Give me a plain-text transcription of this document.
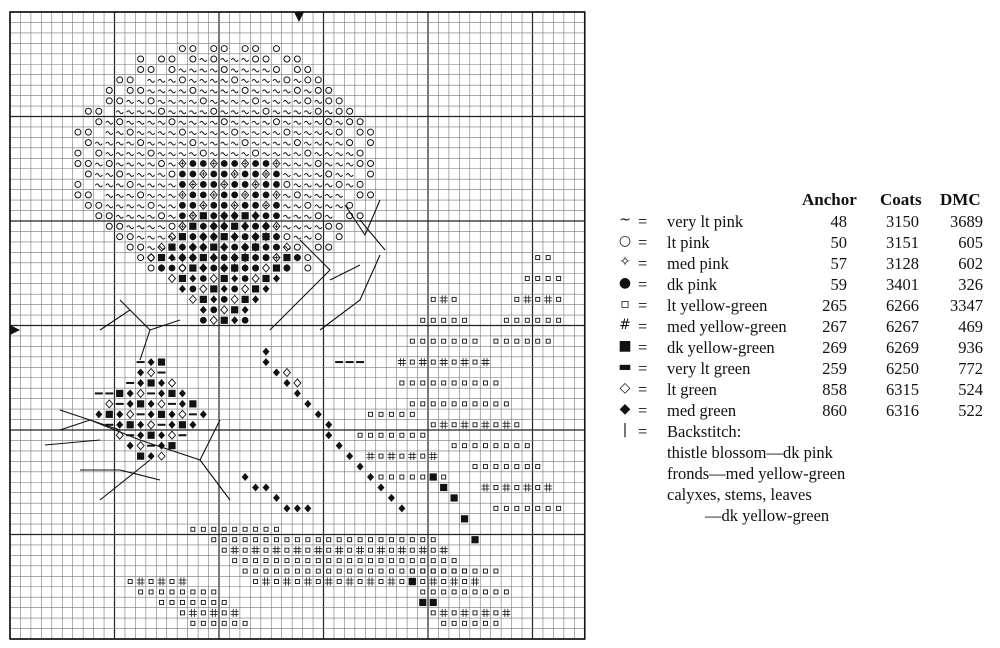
Anchor Coats DMC
~ = very lt pink	48 3150 3689
○ = lt pink	50 3151 605
✧ = med pink	57 3128 602
● = dk pink	59 3401 326
▫ = lt yellow-green	265 6266 3347
# = med yellow-green 267 6267 469
■ = dk yellow-green	269 6269 936
▬ = very lt green	259 6250 772
◇ = lt green	858 6315 524
◆ = med green	860 6316 522
| = Backstitch:
thistle blossom—dk pink
fronds—med yellow-green
calyxes, stems, leaves
—dk yellow-green
